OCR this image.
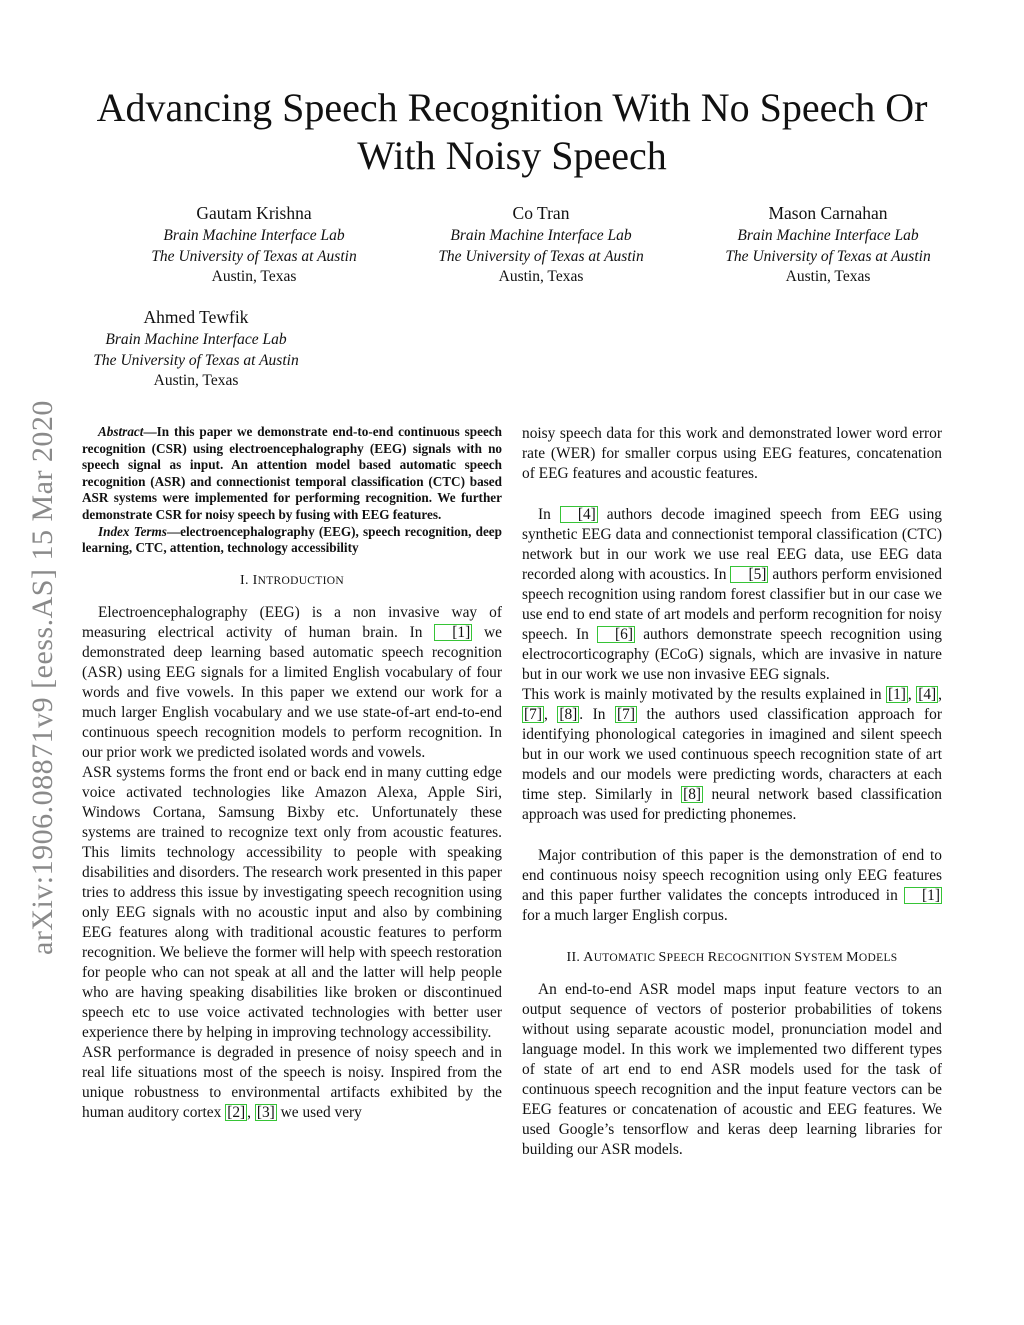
arXiv:1906.08871v9 [eess.AS] 15 Mar 2020
Advancing Speech Recognition With No Speech Or With Noisy Speech
Gautam Krishna
Brain Machine Interface Lab
The University of Texas at Austin
Austin, Texas
Co Tran
Brain Machine Interface Lab
The University of Texas at Austin
Austin, Texas
Mason Carnahan
Brain Machine Interface Lab
The University of Texas at Austin
Austin, Texas
Ahmed Tewfik
Brain Machine Interface Lab
The University of Texas at Austin
Austin, Texas

Abstract—In this paper we demonstrate end-to-end continuous speech recognition (CSR) using electroencephalography (EEG) signals with no speech signal as input. An attention model based automatic speech recognition (ASR) and connectionist temporal classification (CTC) based ASR systems were implemented for performing recognition. We further demonstrate CSR for noisy speech by fusing with EEG features.

Index Terms—electroencephalography (EEG), speech recognition, deep learning, CTC, attention, technology accessibility

I. INTRODUCTION

Electroencephalography (EEG) is a non invasive way of measuring electrical activity of human brain. In [1] we demonstrated deep learning based automatic speech recognition (ASR) using EEG signals for a limited English vocabulary of four words and five vowels. In this paper we extend our work for a much larger English vocabulary and we use state-of-art end-to-end continuous speech recognition models to perform recognition. In our prior work we predicted isolated words and vowels.

ASR systems forms the front end or back end in many cutting edge voice activated technologies like Amazon Alexa, Apple Siri, Windows Cortana, Samsung Bixby etc. Unfortunately these systems are trained to recognize text only from acoustic features. This limits technology accessibility to people with speaking disabilities and disorders. The research work presented in this paper tries to address this issue by investigating speech recognition using only EEG signals with no acoustic input and also by combining EEG features along with traditional acoustic features to perform recognition. We believe the former will help with speech restoration for people who can not speak at all and the latter will help people who are having speaking disabilities like broken or discontinued speech etc to use voice activated technologies with better user experience there by helping in improving technology accessibility.

ASR performance is degraded in presence of noisy speech and in real life situations most of the speech is noisy. Inspired from the unique robustness to environmental artifacts exhibited by the human auditory cortex [2] , [3] we used very

noisy speech data for this work and demonstrated lower word error rate (WER) for smaller corpus using EEG features, concatenation of EEG features and acoustic features.

In [4] authors decode imagined speech from EEG using synthetic EEG data and connectionist temporal classification (CTC) network but in our work we use real EEG data, use EEG data recorded along with acoustics. In [5] authors perform envisioned speech recognition using random forest classifier but in our case we use end to end state of art models and perform recognition for noisy speech. In [6] authors demonstrate speech recognition using electrocorticography (ECoG) signals, which are invasive in nature but in our work we use non invasive EEG signals.

This work is mainly motivated by the results explained in [1] , [4] , [7] , [8] . In [7] the authors used classification approach for identifying phonological categories in imagined and silent speech but in our work we used continuous speech recognition state of art models and our models were predicting words, characters at each time step. Similarly in [8] neural network based classification approach was used for predicting phonemes.

Major contribution of this paper is the demonstration of end to end continuous noisy speech recognition using only EEG features and this paper further validates the concepts introduced in [1] for a much larger English corpus.

II. AUTOMATIC SPEECH RECOGNITION SYSTEM MODELS

An end-to-end ASR model maps input feature vectors to an output sequence of vectors of posterior probabilities of tokens without using separate acoustic model, pronunciation model and language model. In this work we implemented two different types of state of art end to end ASR models used for the task of continuous speech recognition and the input feature vectors can be EEG features or concatenation of acoustic and EEG features. We used Google’s tensorflow and keras deep learning libraries for building our ASR models.
